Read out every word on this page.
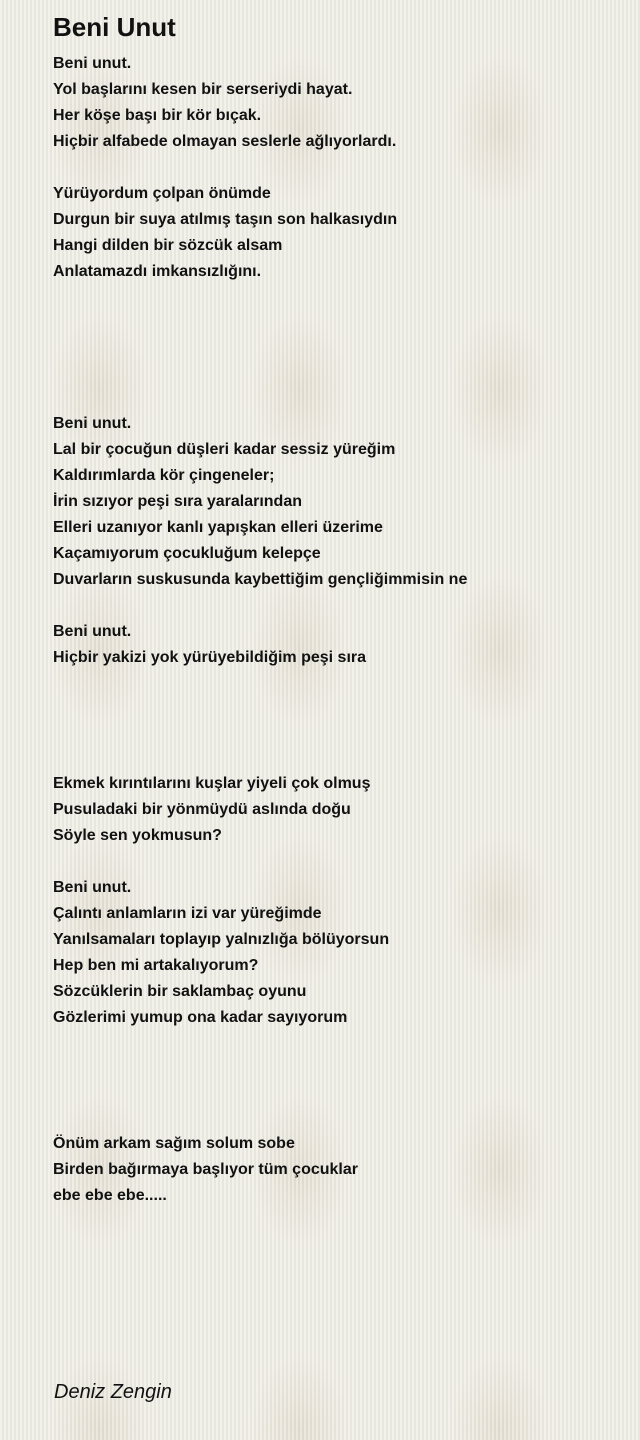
Beni Unut
Beni unut.
Yol başlarını kesen bir serseriydi hayat.
Her köşe başı bir kör bıçak.
Hiçbir alfabede olmayan seslerle ağlıyorlardı.
Yürüyordum çolpan önümde
Durgun bir suya atılmış taşın son halkasıydın
Hangi dilden bir sözcük alsam
Anlatamazdı imkansızlığını.
Beni unut.
Lal bir çocuğun düşleri kadar sessiz yüreğim
Kaldırımlarda kör çingeneler;
İrin sızıyor peşi sıra yaralarından
Elleri uzanıyor kanlı yapışkan elleri üzerime
Kaçamıyorum çocukluğum kelepçe
Duvarların suskusunda kaybettiğim gençliğimmisin ne
Beni unut.
Hiçbir yakizi yok yürüyebildiğim peşi sıra
Ekmek kırıntılarını kuşlar yiyeli çok olmuş
Pusuladaki bir yönmüydü aslında doğu
Söyle sen yokmusun?
Beni unut.
Çalıntı anlamların izi var yüreğimde
Yanılsamaları toplayıp yalnızlığa bölüyorsun
Hep ben mi artakalıyorum?
Sözcüklerin bir saklambaç oyunu
Gözlerimi yumup ona kadar sayıyorum
Önüm arkam sağım solum sobe
Birden bağırmaya başlıyor tüm çocuklar
ebe ebe ebe.....
Deniz Zengin
